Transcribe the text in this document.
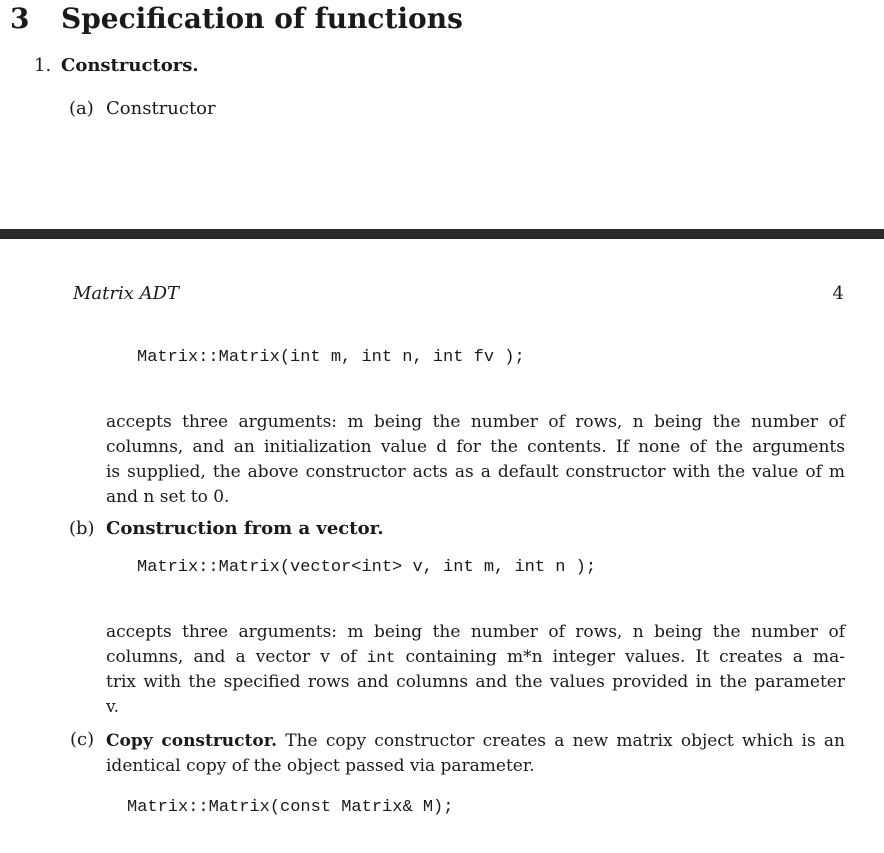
3 Specification of functions
1. Constructors.
(a) Constructor
Matrix ADT	4
Matrix::Matrix(int m, int n, int fv );
accepts three arguments: m being the number of rows, n being the number of
columns, and an initialization value d for the contents. If none of the arguments
is supplied, the above constructor acts as a default constructor with the value of m
and n set to 0.
(b) Construction from a vector.
Matrix::Matrix(vector<int> v, int m, int n );
accepts three arguments: m being the number of rows, n being the number of
columns, and a vector v of int containing m*n integer values. It creates a ma-
trix with the specified rows and columns and the values provided in the parameter
v.
(c) Copy constructor. The copy constructor creates a new matrix object which is an
identical copy of the object passed via parameter.
Matrix::Matrix(const Matrix& M);
